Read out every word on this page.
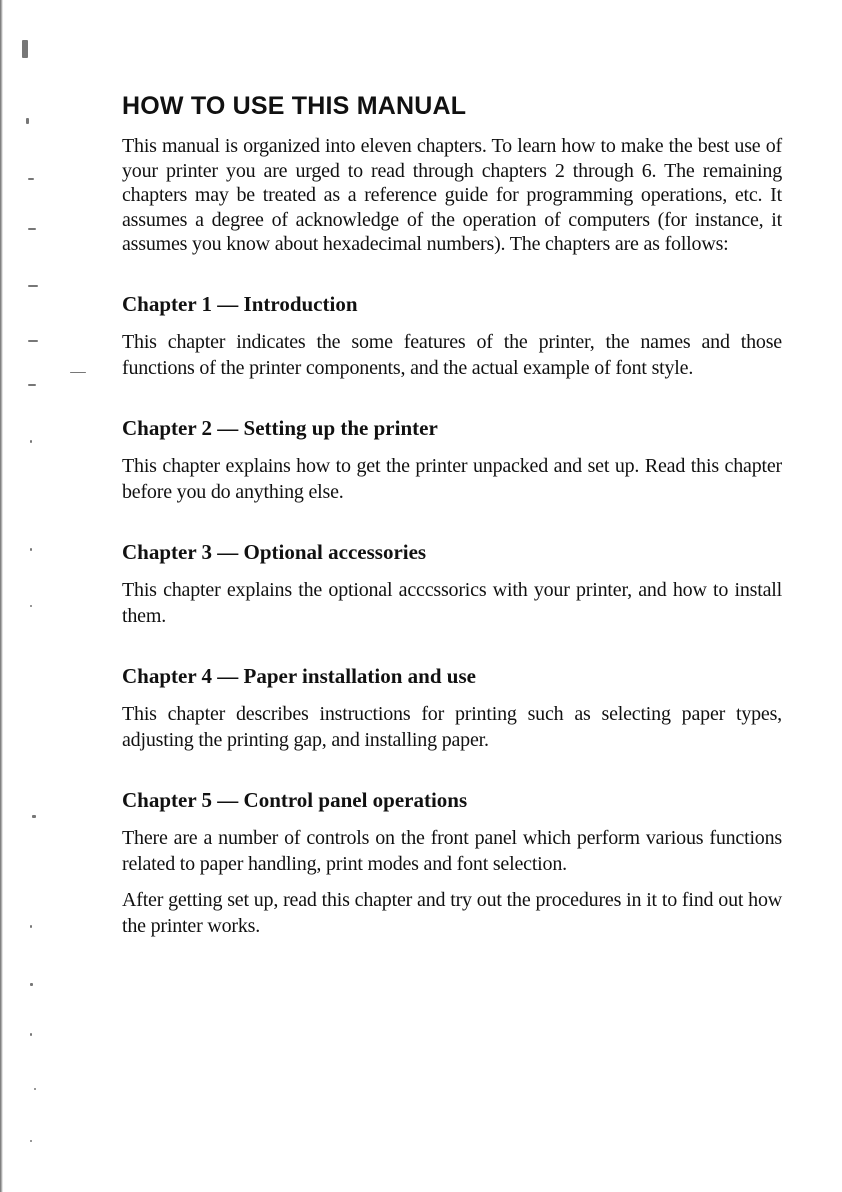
HOW TO USE THIS MANUAL

This manual is organized into eleven chapters. To learn how to make the best use of your printer you are urged to read through chapters 2 through 6. The remaining chapters may be treated as a reference guide for programming operations, etc. It assumes a degree of acknowledge of the operation of computers (for instance, it assumes you know about hexadecimal numbers). The chapters are as follows:

Chapter 1 — Introduction

This chapter indicates the some features of the printer, the names and those functions of the printer components, and the actual example of font style.

Chapter 2 — Setting up the printer

This chapter explains how to get the printer unpacked and set up. Read this chapter before you do anything else.

Chapter 3 — Optional accessories

This chapter explains the optional acccssorics with your printer, and how to install them.

Chapter 4 — Paper installation and use

This chapter describes instructions for printing such as selecting paper types, adjusting the printing gap, and installing paper.

Chapter 5 — Control panel operations

There are a number of controls on the front panel which perform various functions related to paper handling, print modes and font selection.

After getting set up, read this chapter and try out the procedures in it to find out how the printer works.
